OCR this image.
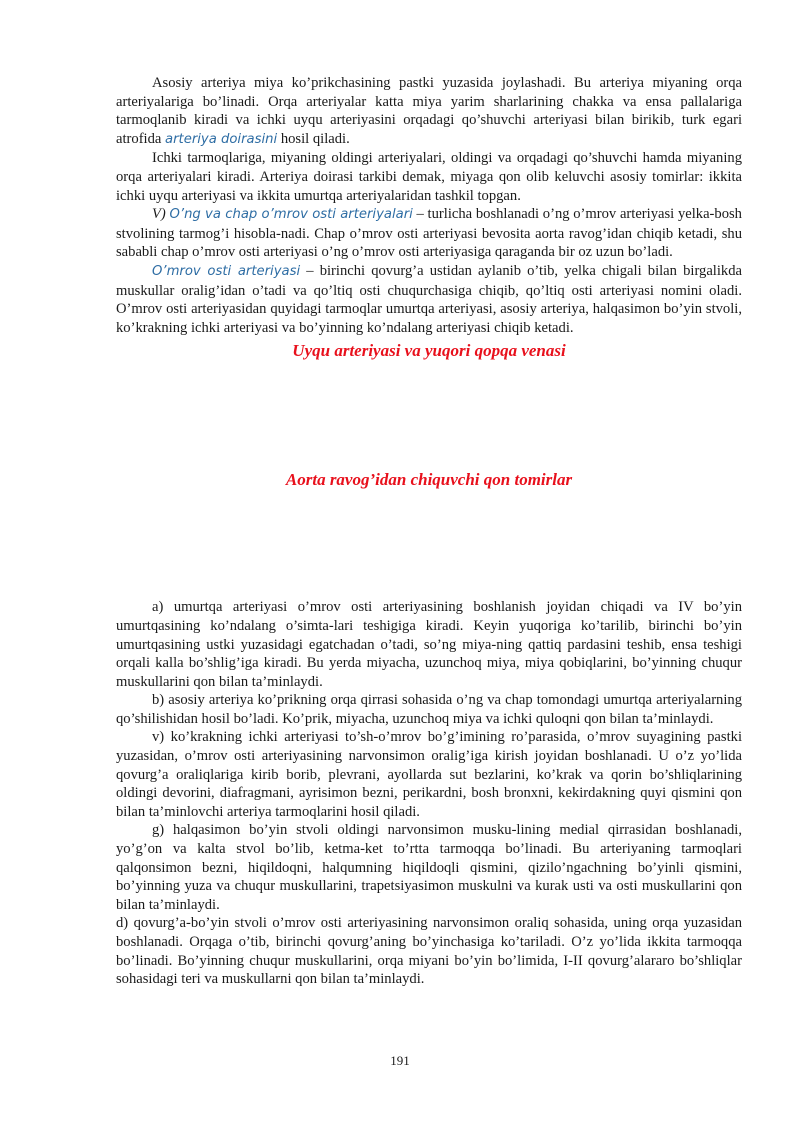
Asosiy arteriya miya ko’prikchasining pastki yuzasida joylashadi. Bu arteriya miyaning orqa arteriyalariga bo’linadi. Orqa arteriyalar katta miya yarim sharlarining chakka va ensa pallalariga tarmoqlanib kiradi va ichki uyqu arteriyasini orqadagi qo’shuvchi arteriyasi bilan birikib, turk egari atrofida arteriya doirasini hosil qiladi.

Ichki tarmoqlariga, miyaning oldingi arteriyalari, oldingi va orqadagi qo’shuvchi hamda miyaning orqa arteriyalari kiradi. Arteriya doirasi tarkibi demak, miyaga qon olib keluvchi asosiy tomirlar: ikkita ichki uyqu arteriyasi va ikkita umurtqa arteriyalaridan tashkil topgan.

V) O’ng va chap o’mrov osti arteriyalari – turlicha boshlanadi o’ng o’mrov arteriyasi yelka-bosh stvolining tarmog’i hisobla-nadi. Chap o’mrov osti arteriyasi bevosita aorta ravog’idan chiqib ketadi, shu sababli chap o’mrov osti arteriyasi o’ng o’mrov osti arteriyasiga qaraganda bir oz uzun bo’ladi.

O’mrov osti arteriyasi – birinchi qovurg’a ustidan aylanib o’tib, yelka chigali bilan birgalikda muskullar oralig’idan o’tadi va qo’ltiq osti chuqurchasiga chiqib, qo’ltiq osti arteriyasi nomini oladi. O’mrov osti arteriyasidan quyidagi tarmoqlar umurtqa arteriyasi, asosiy arteriya, halqasimon bo’yin stvoli, ko’krakning ichki arteriyasi va bo’yinning ko’ndalang arteriyasi chiqib ketadi.

Uyqu arteriyasi va yuqori qopqa venasi
Aorta ravog’idan chiquvchi qon tomirlar

a) umurtqa arteriyasi o’mrov osti arteriyasining boshlanish joyidan chiqadi va IV bo’yin umurtqasining ko’ndalang o’simta-lari teshigiga kiradi. Keyin yuqoriga ko’tarilib, birinchi bo’yin umurtqasining ustki yuzasidagi egatchadan o’tadi, so’ng miya-ning qattiq pardasini teshib, ensa teshigi orqali kalla bo’shlig’iga kiradi. Bu yerda miyacha, uzunchoq miya, miya qobiqlarini, bo’yinning chuqur muskullarini qon bilan ta’minlaydi.

b) asosiy arteriya ko’prikning orqa qirrasi sohasida o’ng va chap tomondagi umurtqa arteriyalarning qo’shilishidan hosil bo’ladi. Ko’prik, miyacha, uzunchoq miya va ichki quloqni qon bilan ta’minlaydi.

v) ko’krakning ichki arteriyasi to’sh-o’mrov bo’g’imining ro’parasida, o’mrov suyagining pastki yuzasidan, o’mrov osti arteriyasining narvonsimon oralig’iga kirish joyidan boshlanadi. U o’z yo’lida qovurg’a oraliqlariga kirib borib, plevrani, ayollarda sut bezlarini, ko’krak va qorin bo’shliqlarining oldingi devorini, diafragmani, ayrisimon bezni, perikardni, bosh bronxni, kekirdakning quyi qismini qon bilan ta’minlovchi arteriya tarmoqlarini hosil qiladi.

g) halqasimon bo’yin stvoli oldingi narvonsimon musku-lining medial qirrasidan boshlanadi, yo’g’on va kalta stvol bo’lib, ketma-ket to’rtta tarmoqqa bo’linadi. Bu arteriyaning tarmoqlari qalqonsimon bezni, hiqildoqni, halqumning hiqildoqli qismini, qizilo’ngachning bo’yinli qismini, bo’yinning yuza va chuqur muskullarini, trapetsiyasimon muskulni va kurak usti va osti muskullarini qon bilan ta’minlaydi.

d) qovurg’a-bo’yin stvoli o’mrov osti arteriyasining narvonsimon oraliq sohasida, uning orqa yuzasidan boshlanadi. Orqaga o’tib, birinchi qovurg’aning bo’yinchasiga ko’tariladi. O’z yo’lida ikkita tarmoqqa bo’linadi. Bo’yinning chuqur muskullarini, orqa miyani bo’yin bo’limida, I-II qovurg’alararo bo’shliqlar sohasidagi teri va muskullarni qon bilan ta’minlaydi.

191
